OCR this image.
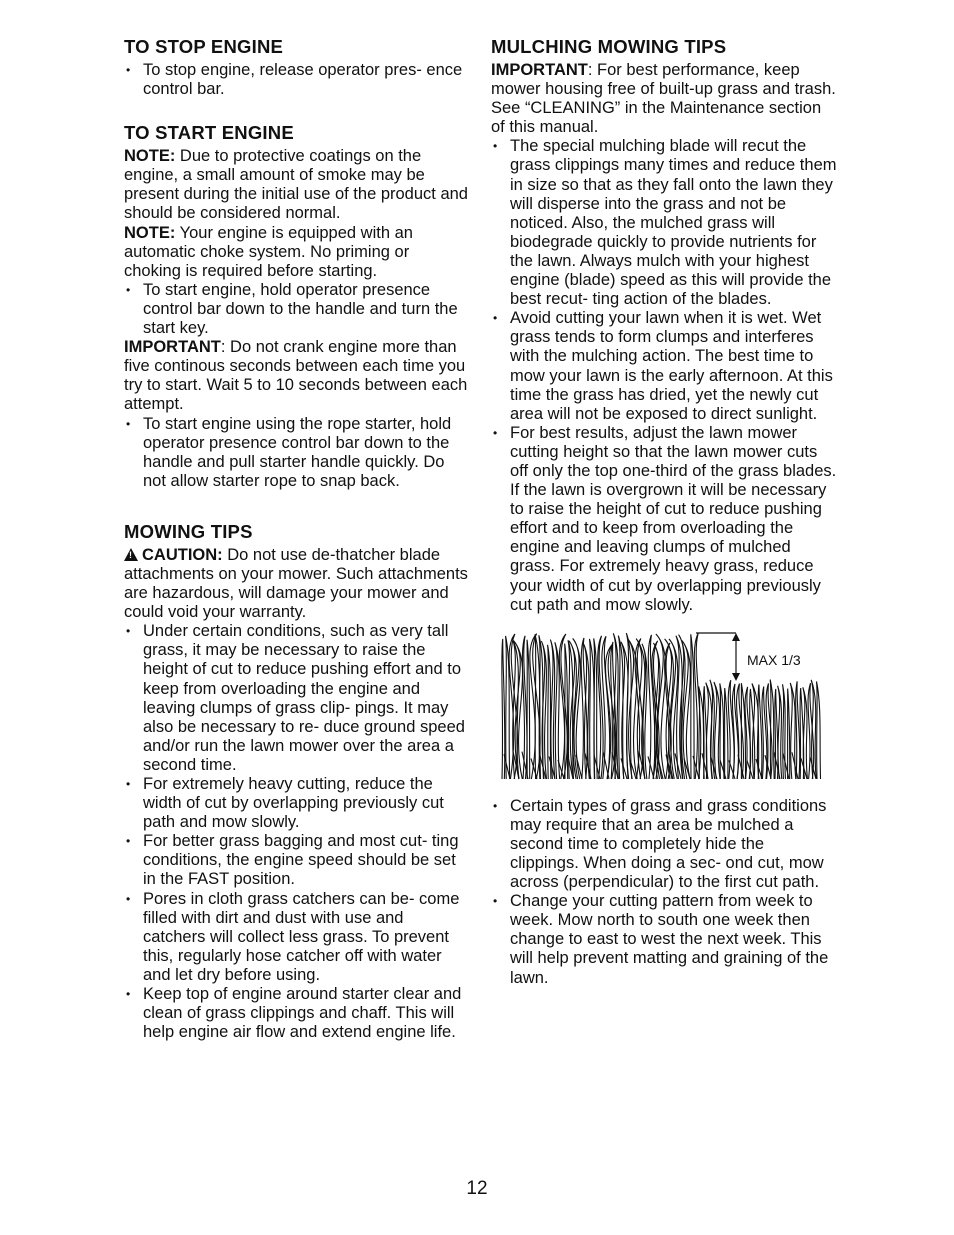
TO STOP ENGINE
• To stop engine, release operator pres- ence control bar.
TO START ENGINE

NOTE: Due to protective coatings on the engine, a small amount of smoke may be present during the initial use of the product and should be considered normal.

NOTE: Your engine is equipped with an automatic choke system. No priming or choking is required before starting.

• To start engine, hold operator presence control bar down to the handle and turn the start key.

IMPORTANT: Do not crank engine more than five continous seconds between each time you try to start. Wait 5 to 10 seconds between each attempt.

• To start engine using the rope starter, hold operator presence control bar down to the handle and pull starter handle quickly. Do not allow starter rope to snap back.
MOWING TIPS

!CAUTION: Do not use de-thatcher blade attachments on your mower. Such attachments are hazardous, will damage your mower and could void your warranty.

• Under certain conditions, such as very tall grass, it may be necessary to raise the height of cut to reduce pushing effort and to keep from overloading the engine and leaving clumps of grass clip- pings. It may also be necessary to re- duce ground speed and/or run the lawn mower over the area a second time.
• For extremely heavy cutting, reduce the width of cut by overlapping previously cut path and mow slowly.
• For better grass bagging and most cut- ting conditions, the engine speed should be set in the FAST position.
• Pores in cloth grass catchers can be- come filled with dirt and dust with use and catchers will collect less grass. To prevent this, regularly hose catcher off with water and let dry before using.
• Keep top of engine around starter clear and clean of grass clippings and chaff. This will help engine air flow and extend engine life.
MULCHING MOWING TIPS

IMPORTANT: For best performance, keep mower housing free of built-up grass and trash. See “CLEANING” in the Maintenance section of this manual.

• The special mulching blade will recut the grass clippings many times and reduce them in size so that as they fall onto the lawn they will disperse into the grass and not be noticed. Also, the mulched grass will biodegrade quickly to provide nutrients for the lawn. Always mulch with your highest engine (blade) speed as this will provide the best recut- ting action of the blades.
• Avoid cutting your lawn when it is wet. Wet grass tends to form clumps and interferes with the mulching action. The best time to mow your lawn is the early afternoon. At this time the grass has dried, yet the newly cut area will not be exposed to direct sunlight.
• For best results, adjust the lawn mower cutting height so that the lawn mower cuts off only the top one-third of the grass blades. If the lawn is overgrown it will be necessary to raise the height of cut to reduce pushing effort and to keep from overloading the engine and leaving clumps of mulched grass. For extremely heavy grass, reduce your width of cut by overlapping previously cut path and mow slowly.
MAX 1/3
• Certain types of grass and grass conditions may require that an area be mulched a second time to completely hide the clippings. When doing a sec- ond cut, mow across (perpendicular) to the first cut path.
• Change your cutting pattern from week to week. Mow north to south one week then change to east to west the next week. This will help prevent matting and graining of the lawn.
12
